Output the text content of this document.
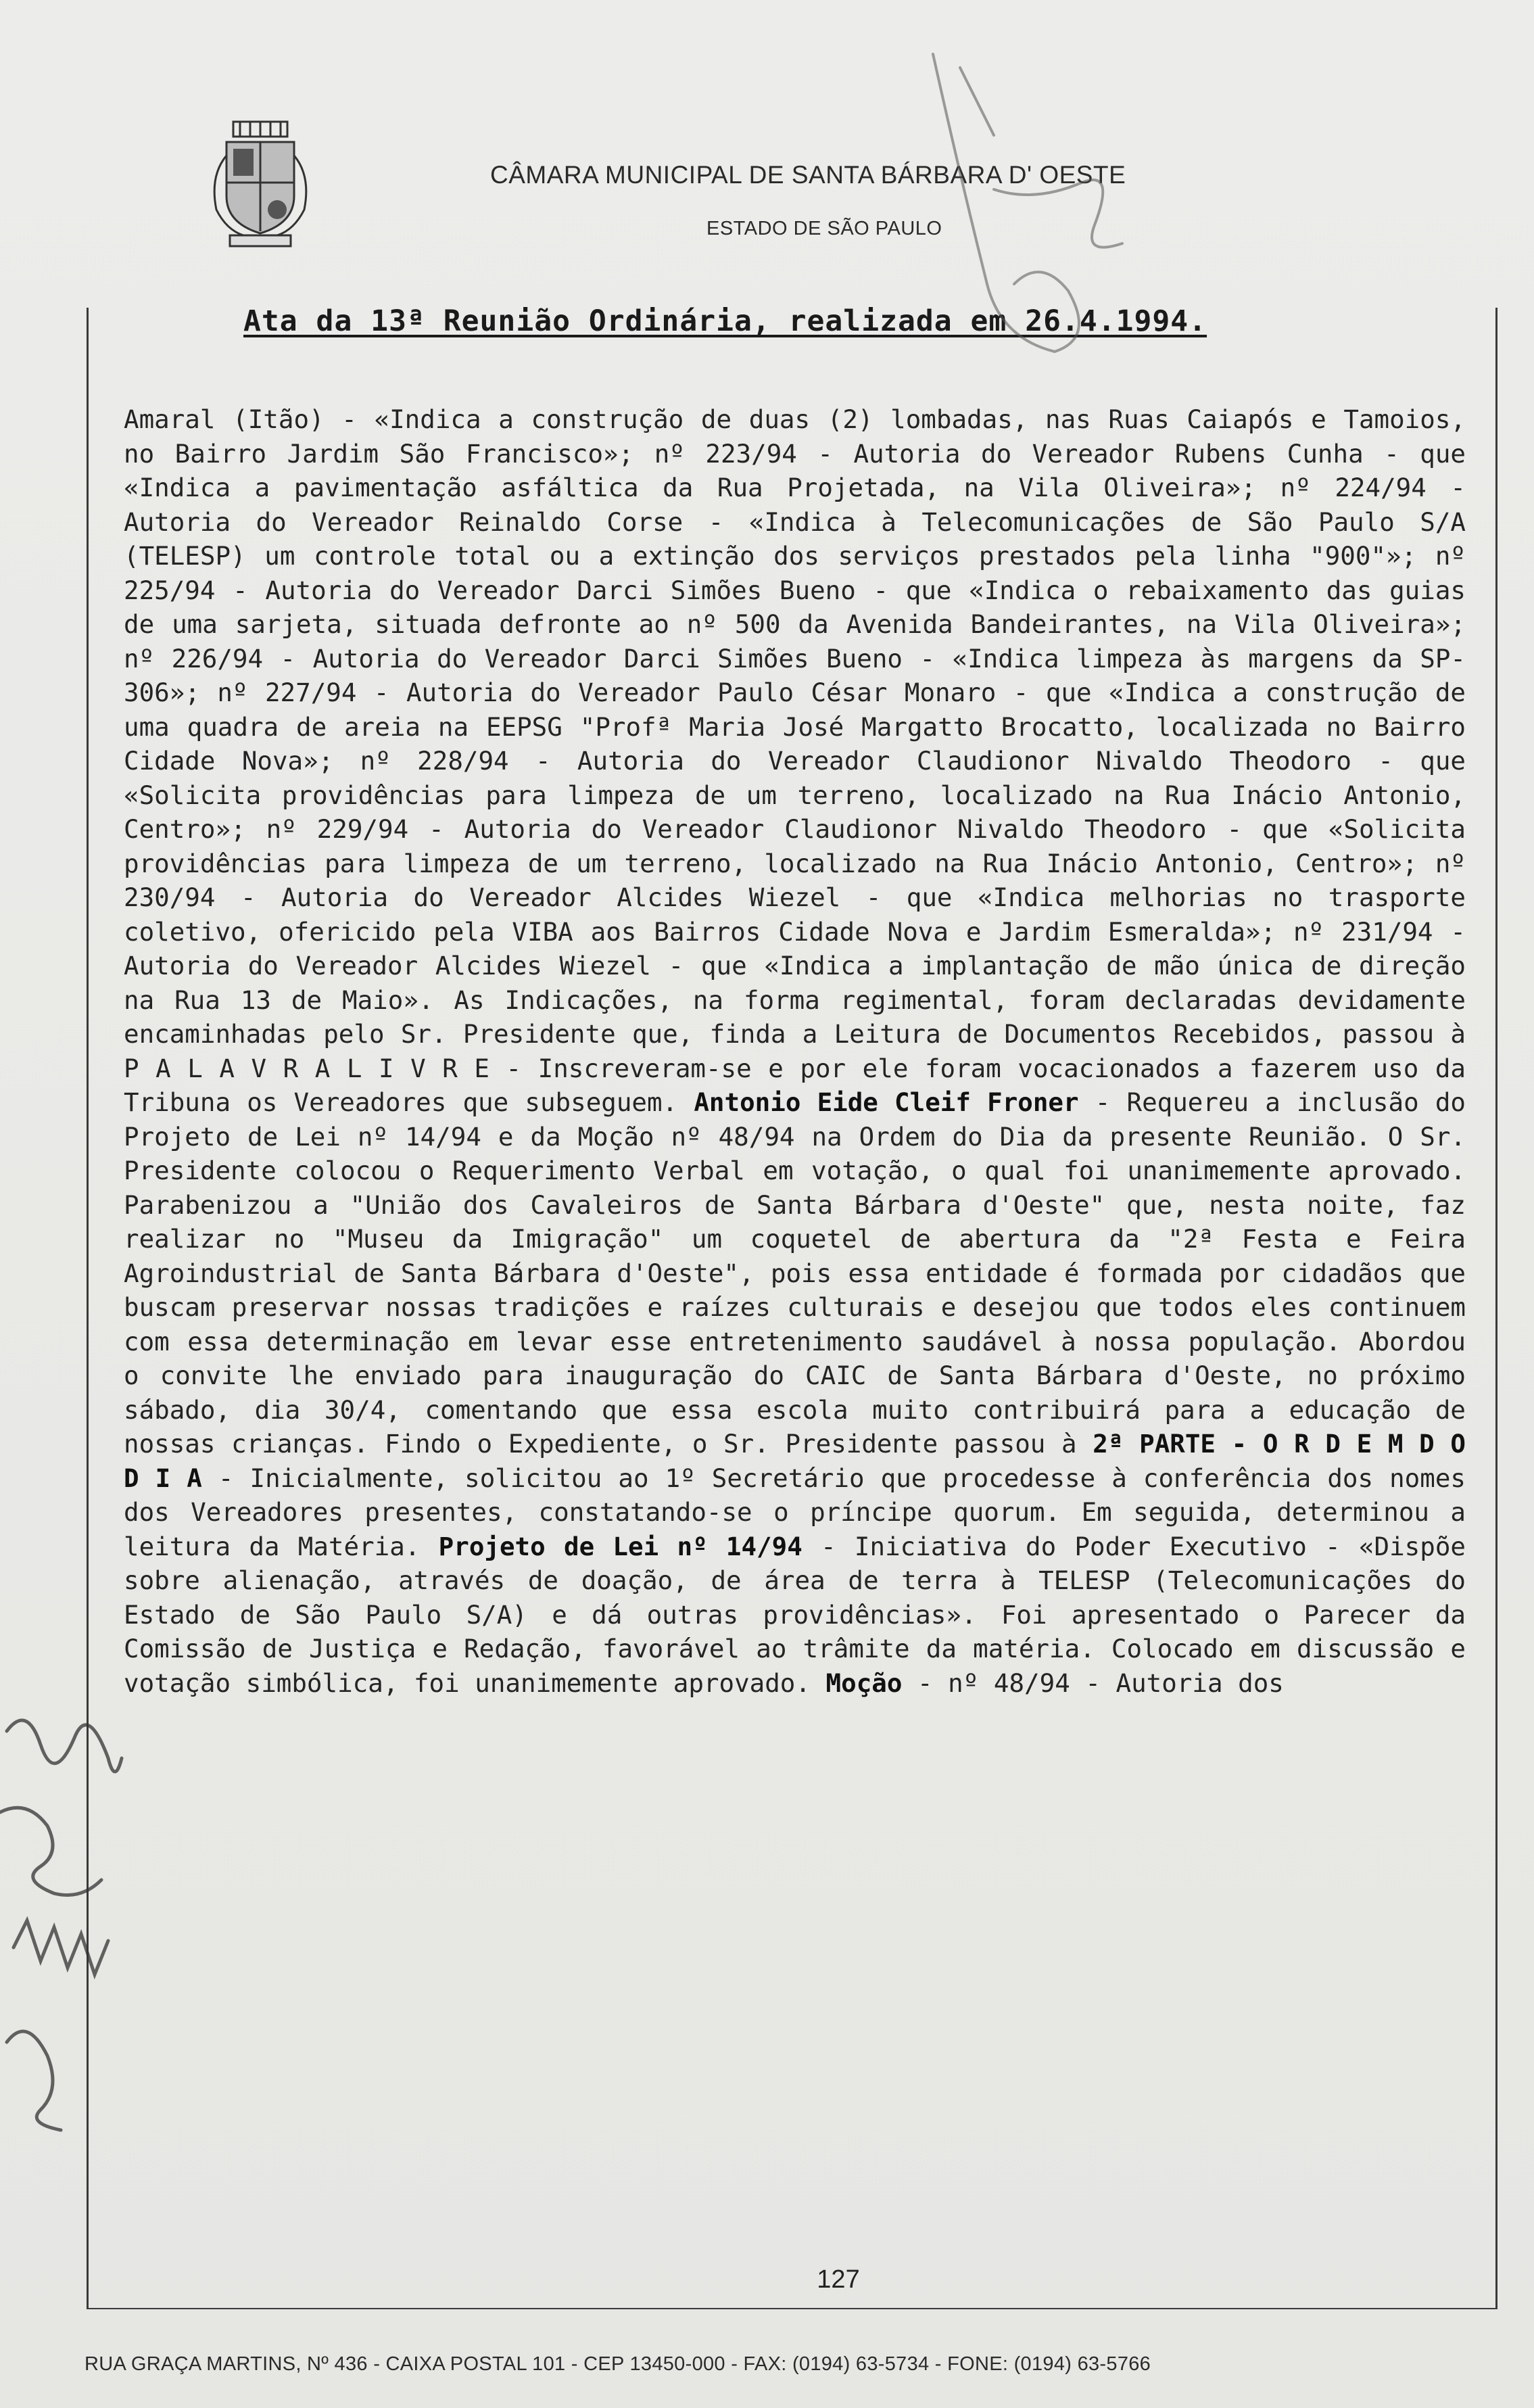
CÂMARA MUNICIPAL DE SANTA BÁRBARA D' OESTE
ESTADO DE SÃO PAULO
Ata da 13ª Reunião Ordinária, realizada em 26.4.1994.
Amaral (Itão) - «Indica a construção de duas (2) lombadas, nas Ruas Caiapós e Tamoios, no Bairro Jardim São Francisco»; nº 223/94 - Autoria do Vereador Rubens Cunha - que «Indica a pavimentação asfáltica da Rua Projetada, na Vila Oliveira»; nº 224/94 - Autoria do Vereador Reinaldo Corse - «Indica à Telecomunicações de São Paulo S/A (TELESP) um controle total ou a extinção dos serviços prestados pela linha "900"»; nº 225/94 - Autoria do Vereador Darci Simões Bueno - que «Indica o rebaixamento das guias de uma sarjeta, situada defronte ao nº 500 da Avenida Bandeirantes, na Vila Oliveira»; nº 226/94 - Autoria do Vereador Darci Simões Bueno - «Indica limpeza às margens da SP-306»; nº 227/94 - Autoria do Vereador Paulo César Monaro - que «Indica a construção de uma quadra de areia na EEPSG "Profª Maria José Margatto Brocatto, localizada no Bairro Cidade Nova»; nº 228/94 - Autoria do Vereador Claudionor Nivaldo Theodoro - que «Solicita providências para limpeza de um terreno, localizado na Rua Inácio Antonio, Centro»; nº 229/94 - Autoria do Vereador Claudionor Nivaldo Theodoro - que «Solicita providências para limpeza de um terreno, localizado na Rua Inácio Antonio, Centro»; nº 230/94 - Autoria do Vereador Alcides Wiezel - que «Indica melhorias no trasporte coletivo, ofericido pela VIBA aos Bairros Cidade Nova e Jardim Esmeralda»; nº 231/94 - Autoria do Vereador Alcides Wiezel - que «Indica a implantação de mão única de direção na Rua 13 de Maio». As Indicações, na forma regimental, foram declaradas devidamente encaminhadas pelo Sr. Presidente que, finda a Leitura de Documentos Recebidos, passou à P A L A V R A L I V R E - Inscreveram-se e por ele foram vocacionados a fazerem uso da Tribuna os Vereadores que subseguem. Antonio Eide Cleif Froner - Requereu a inclusão do Projeto de Lei nº 14/94 e da Moção nº 48/94 na Ordem do Dia da presente Reunião. O Sr. Presidente colocou o Requerimento Verbal em votação, o qual foi unanimemente aprovado. Parabenizou a "União dos Cavaleiros de Santa Bárbara d'Oeste" que, nesta noite, faz realizar no "Museu da Imigração" um coquetel de abertura da "2ª Festa e Feira Agroindustrial de Santa Bárbara d'Oeste", pois essa entidade é formada por cidadãos que buscam preservar nossas tradições e raízes culturais e desejou que todos eles continuem com essa determinação em levar esse entretenimento saudável à nossa população. Abordou o convite lhe enviado para inauguração do CAIC de Santa Bárbara d'Oeste, no próximo sábado, dia 30/4, comentando que essa escola muito contribuirá para a educação de nossas crianças. Findo o Expediente, o Sr. Presidente passou à 2ª PARTE - O R D E M D O D I A - Inicialmente, solicitou ao 1º Secretário que procedesse à conferência dos nomes dos Vereadores presentes, constatando-se o príncipe quorum. Em seguida, determinou a leitura da Matéria. Projeto de Lei nº 14/94 - Iniciativa do Poder Executivo - «Dispõe sobre alienação, através de doação, de área de terra à TELESP (Telecomunicações do Estado de São Paulo S/A) e dá outras providências». Foi apresentado o Parecer da Comissão de Justiça e Redação, favorável ao trâmite da matéria. Colocado em discussão e votação simbólica, foi unanimemente aprovado. Moção - nº 48/94 - Autoria dos
127
RUA GRAÇA MARTINS, Nº 436 - CAIXA POSTAL 101 - CEP 13450-000 - FAX: (0194) 63-5734 - FONE: (0194) 63-5766
